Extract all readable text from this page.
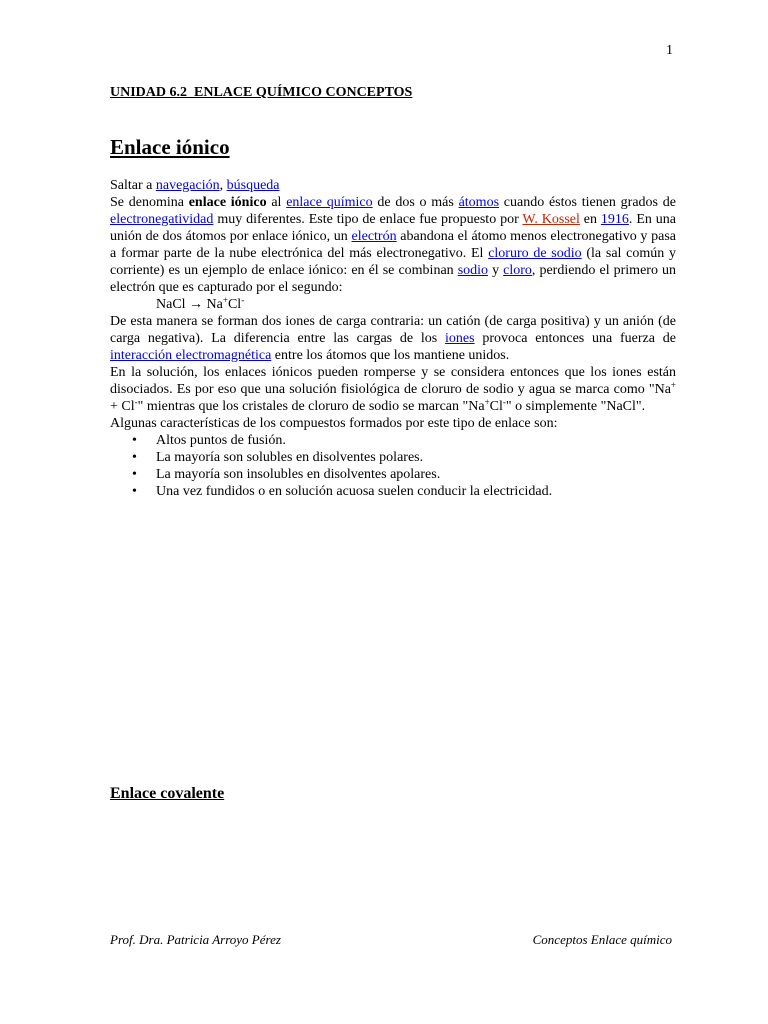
1
UNIDAD 6.2  ENLACE QUÍMICO CONCEPTOS
Enlace iónico

Saltar a navegación, búsqueda

Se denomina enlace iónico al enlace químico de dos o más átomos cuando éstos tienen grados de electronegatividad muy diferentes. Este tipo de enlace fue propuesto por W. Kossel en 1916. En una unión de dos átomos por enlace iónico, un electrón abandona el átomo menos electronegativo y pasa a formar parte de la nube electrónica del más electronegativo. El cloruro de sodio (la sal común y corriente) es un ejemplo de enlace iónico: en él se combinan sodio y cloro, perdiendo el primero un electrón que es capturado por el segundo:

NaCl → Na+Cl-

De esta manera se forman dos iones de carga contraria: un catión (de carga positiva) y un anión (de carga negativa). La diferencia entre las cargas de los iones provoca entonces una fuerza de interacción electromagnética entre los átomos que los mantiene unidos.

En la solución, los enlaces iónicos pueden romperse y se considera entonces que los iones están disociados. Es por eso que una solución fisiológica de cloruro de sodio y agua se marca como "Na+ + Cl-" mientras que los cristales de cloruro de sodio se marcan "Na+Cl-" o simplemente "NaCl".

Algunas características de los compuestos formados por este tipo de enlace son:

• Altos puntos de fusión.
• La mayoría son solubles en disolventes polares.
• La mayoría son insolubles en disolventes apolares.
• Una vez fundidos o en solución acuosa suelen conducir la electricidad.
Enlace covalente
Prof. Dra. Patricia Arroyo Pérez	Conceptos Enlace químico
